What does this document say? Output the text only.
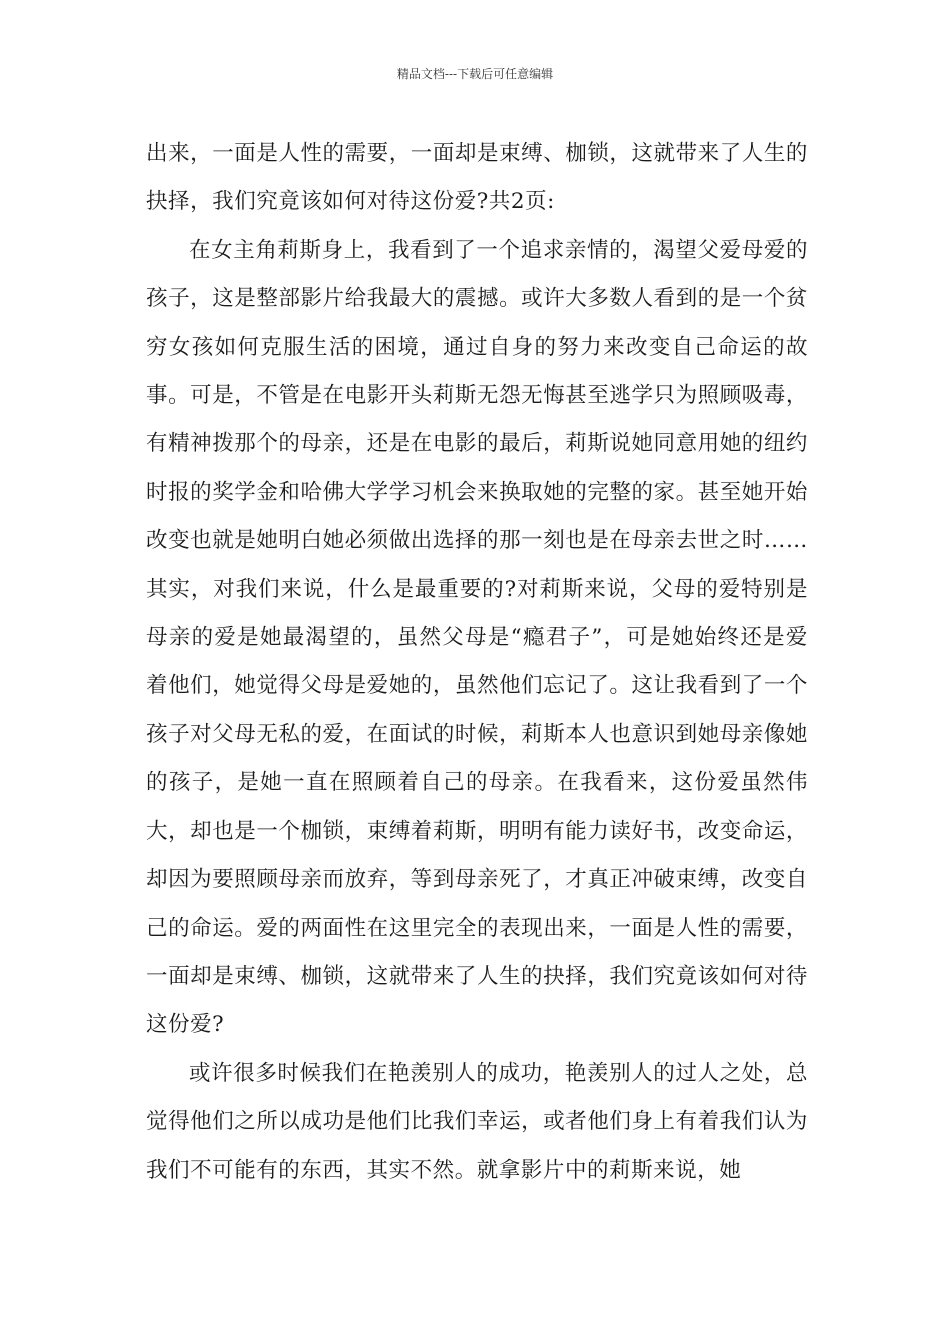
精品文档---下载后可任意编辑

出来，一面是人性的需要，一面却是束缚、枷锁，这就带来了人生的抉择，我们究竟该如何对待这份爱?共2页:

在女主角莉斯身上，我看到了一个追求亲情的，渴望父爱母爱的孩子，这是整部影片给我最大的震撼。或许大多数人看到的是一个贫穷女孩如何克服生活的困境，通过自身的努力来改变自己命运的故事。可是，不管是在电影开头莉斯无怨无悔甚至逃学只为照顾吸毒，有精神拨那个的母亲，还是在电影的最后，莉斯说她同意用她的纽约时报的奖学金和哈佛大学学习机会来换取她的完整的家。甚至她开始改变也就是她明白她必须做出选择的那一刻也是在母亲去世之时……其实，对我们来说，什么是最重要的?对莉斯来说，父母的爱特别是母亲的爱是她最渴望的，虽然父母是“瘾君子”，可是她始终还是爱着他们，她觉得父母是爱她的，虽然他们忘记了。这让我看到了一个孩子对父母无私的爱，在面试的时候，莉斯本人也意识到她母亲像她的孩子，是她一直在照顾着自己的母亲。在我看来，这份爱虽然伟大，却也是一个枷锁，束缚着莉斯，明明有能力读好书，改变命运，却因为要照顾母亲而放弃，等到母亲死了，才真正冲破束缚，改变自己的命运。爱的两面性在这里完全的表现出来，一面是人性的需要，一面却是束缚、枷锁，这就带来了人生的抉择，我们究竟该如何对待这份爱?

或许很多时候我们在艳羡别人的成功，艳羡别人的过人之处，总觉得他们之所以成功是他们比我们幸运，或者他们身上有着我们认为我们不可能有的东西，其实不然。就拿影片中的莉斯来说，她
